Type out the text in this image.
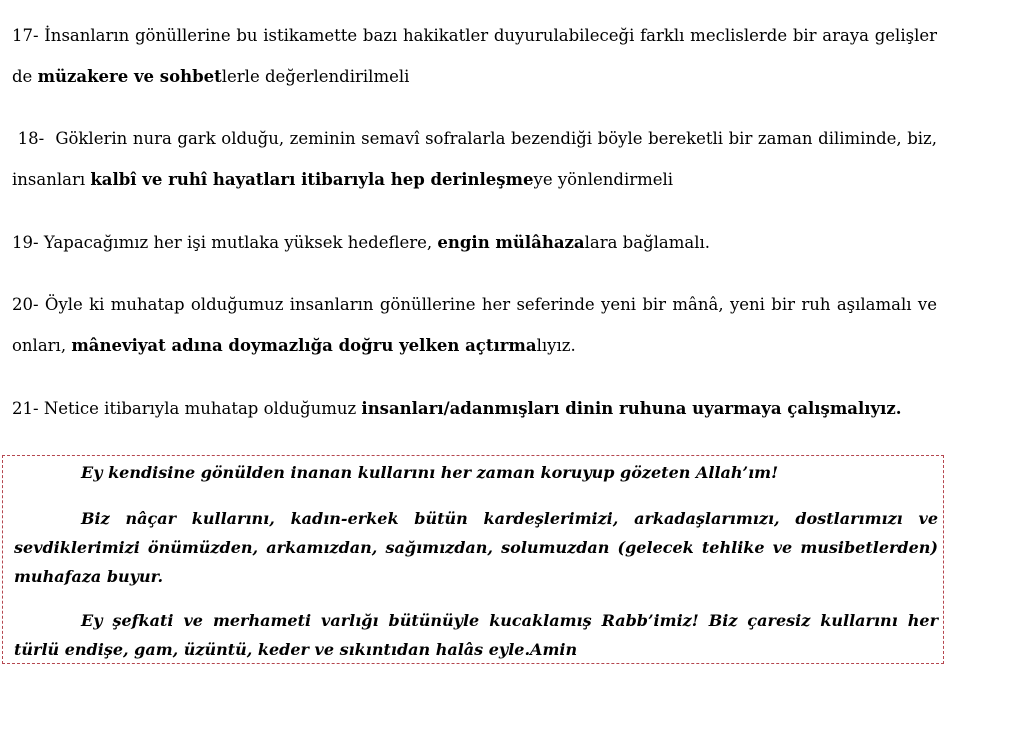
17- İnsanların gönüllerine bu istikamette bazı hakikatler duyurulabileceği farklı meclislerde bir araya gelişler de müzakere ve sohbetlerle değerlendirilmeli

18-  Göklerin nura gark olduğu, zeminin semavî sofralarla bezendiği böyle bereketli bir zaman diliminde, biz, insanları kalbî ve ruhî hayatları itibarıyla hep derinleşmeye yönlendirmeli

19- Yapacağımız her işi mutlaka yüksek hedeflere, engin mülâhazalara bağlamalı.

20- Öyle ki muhatap olduğumuz insanların gönüllerine her seferinde yeni bir mânâ, yeni bir ruh aşılamalı ve onları, mâneviyat adına doymazlığa doğru yelken açtırmalıyız.

21- Netice itibarıyla muhatap olduğumuz insanları/adanmışları dinin ruhuna uyarmaya çalışmalıyız.

Ey kendisine gönülden inanan kullarını her zaman koruyup gözeten Allah’ım!

Biz nâçar kullarını, kadın-erkek bütün kardeşlerimizi, arkadaşlarımızı, dostlarımızı ve sevdiklerimizi önümüzden, arkamızdan, sağımızdan, solumuzdan (gelecek tehlike ve musibetlerden) muhafaza buyur.

Ey şefkati ve merhameti varlığı bütünüyle kucaklamış Rabb’imiz! Biz çaresiz kullarını her türlü endişe, gam, üzüntü, keder ve sıkıntıdan halâs eyle.Amin
